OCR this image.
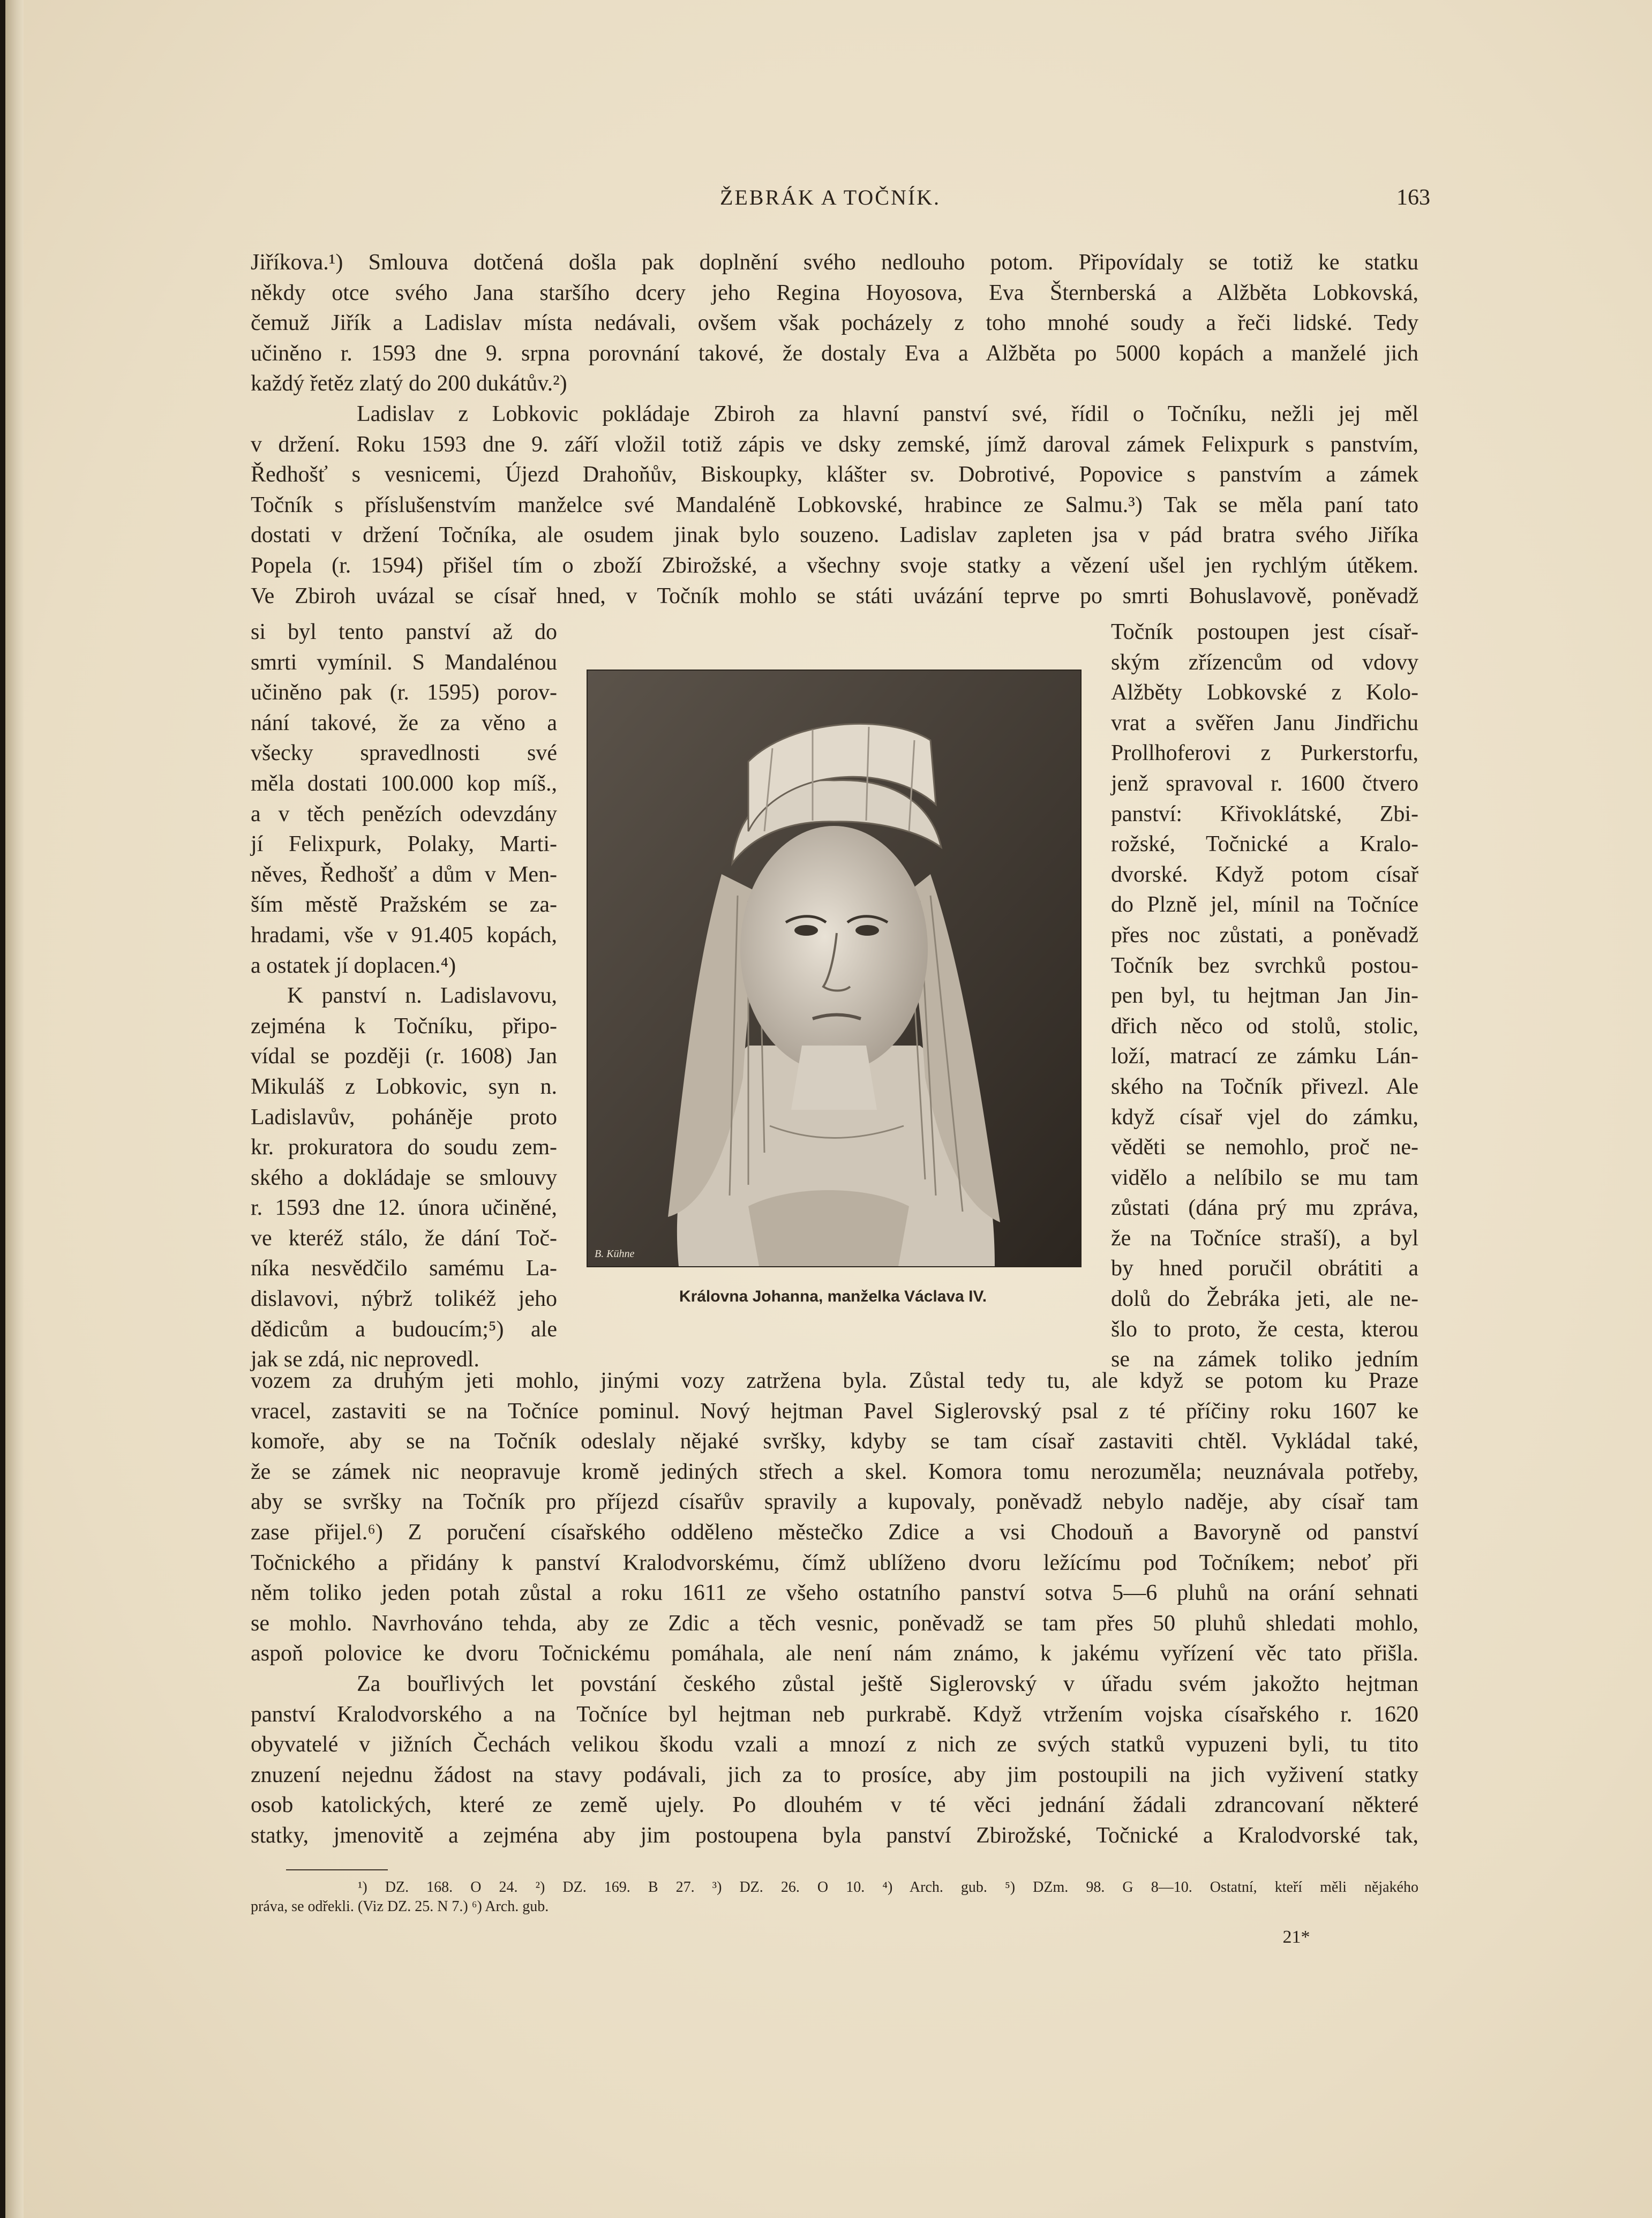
ŽEBRÁK A TOČNÍK.	163
Jiříkova.¹) Smlouva dotčená došla pak doplnění svého nedlouho potom. Připovídaly se totiž ke statku
někdy otce svého Jana staršího dcery jeho Regina Hoyosova, Eva Šternberská a Alžběta Lobkovská,
čemuž Jiřík a Ladislav místa nedávali, ovšem však pocházely z toho mnohé soudy a řeči lidské. Tedy
učiněno r. 1593 dne 9. srpna porovnání takové, že dostaly Eva a Alžběta po 5000 kopách a manželé jich
každý řetěz zlatý do 200 dukátův.²)
Ladislav z Lobkovic pokládaje Zbiroh za hlavní panství své, řídil o Točníku, nežli jej měl
v držení. Roku 1593 dne 9. září vložil totiž zápis ve dsky zemské, jímž daroval zámek Felixpurk s panstvím,
Ředhošť s vesnicemi, Újezd Drahoňův, Biskoupky, klášter sv. Dobrotivé, Popovice s panstvím a zámek
Točník s příslušenstvím manželce své Mandaléně Lobkovské, hrabince ze Salmu.³) Tak se měla paní tato
dostati v držení Točníka, ale osudem jinak bylo souzeno. Ladislav zapleten jsa v pád bratra svého Jiříka
Popela (r. 1594) přišel tím o zboží Zbirožské, a všechny svoje statky a vězení ušel jen rychlým útěkem.
Ve Zbiroh uvázal se císař hned, v Točník mohlo se státi uvázání teprve po smrti Bohuslavově, poněvadž
si byl tento panství až do
smrti vymínil. S Mandalénou
učiněno pak (r. 1595) porov-
nání takové, že za věno a
všecky spravedlnosti své
měla dostati 100.000 kop míš.,
a v těch penězích odevzdány
jí Felixpurk, Polaky, Marti-
něves, Ředhošť a dům v Men-
ším městě Pražském se za-
hradami, vše v 91.405 kopách,
a ostatek jí doplacen.⁴)
K panství n. Ladislavovu,
zejména k Točníku, připo-
vídal se později (r. 1608) Jan
Mikuláš z Lobkovic, syn n.
Ladislavův, poháněje proto
kr. prokuratora do soudu zem-
ského a dokládaje se smlouvy
r. 1593 dne 12. února učiněné,
ve kteréž stálo, že dání Toč-
níka nesvědčilo samému La-
dislavovi, nýbrž tolikéž jeho
dědicům a budoucím;⁵) ale
jak se zdá, nic neprovedl.
B. Kühne
Královna Johanna, manželka Václava IV.
Točník postoupen jest císař-
ským zřízencům od vdovy
Alžběty Lobkovské z Kolo-
vrat a svěřen Janu Jindřichu
Prollhoferovi z Purkerstorfu,
jenž spravoval r. 1600 čtvero
panství: Křivoklátské, Zbi-
rožské, Točnické a Kralo-
dvorské. Když potom císař
do Plzně jel, mínil na Točníce
přes noc zůstati, a poněvadž
Točník bez svrchků postou-
pen byl, tu hejtman Jan Jin-
dřich něco od stolů, stolic,
loží, matrací ze zámku Lán-
ského na Točník přivezl. Ale
když císař vjel do zámku,
věděti se nemohlo, proč ne-
vidělo a nelíbilo se mu tam
zůstati (dána prý mu zpráva,
že na Točníce straší), a byl
by hned poručil obrátiti a
dolů do Žebráka jeti, ale ne-
šlo to proto, že cesta, kterou
se na zámek toliko jedním
vozem za druhým jeti mohlo, jinými vozy zatržena byla. Zůstal tedy tu, ale když se potom ku Praze
vracel, zastaviti se na Točníce pominul. Nový hejtman Pavel Siglerovský psal z té příčiny roku 1607 ke
komoře, aby se na Točník odeslaly nějaké svršky, kdyby se tam císař zastaviti chtěl. Vykládal také,
že se zámek nic neopravuje kromě jediných střech a skel. Komora tomu nerozuměla; neuznávala potřeby,
aby se svršky na Točník pro příjezd císařův spravily a kupovaly, poněvadž nebylo naděje, aby císař tam
zase přijel.⁶) Z poručení císařského odděleno městečko Zdice a vsi Chodouň a Bavoryně od panství
Točnického a přidány k panství Kralodvorskému, čímž ublíženo dvoru ležícímu pod Točníkem; neboť při
něm toliko jeden potah zůstal a roku 1611 ze všeho ostatního panství sotva 5—6 pluhů na orání sehnati
se mohlo. Navrhováno tehda, aby ze Zdic a těch vesnic, poněvadž se tam přes 50 pluhů shledati mohlo,
aspoň polovice ke dvoru Točnickému pomáhala, ale není nám známo, k jakému vyřízení věc tato přišla.
Za bouřlivých let povstání českého zůstal ještě Siglerovský v úřadu svém jakožto hejtman
panství Kralodvorského a na Točníce byl hejtman neb purkrabě. Když vtržením vojska císařského r. 1620
obyvatelé v jižních Čechách velikou škodu vzali a mnozí z nich ze svých statků vypuzeni byli, tu tito
znuzení nejednu žádost na stavy podávali, jich za to prosíce, aby jim postoupili na jich vyživení statky
osob katolických, které ze země ujely. Po dlouhém v té věci jednání žádali zdrancovaní některé
statky, jmenovitě a zejména aby jim postoupena byla panství Zbirožské, Točnické a Kralodvorské tak,
¹) DZ. 168. O 24. ²) DZ. 169. B 27. ³) DZ. 26. O 10. ⁴) Arch. gub. ⁵) DZm. 98. G 8—10. Ostatní, kteří měli nějakého
práva, se odřekli. (Viz DZ. 25. N 7.) ⁶) Arch. gub.
21*
